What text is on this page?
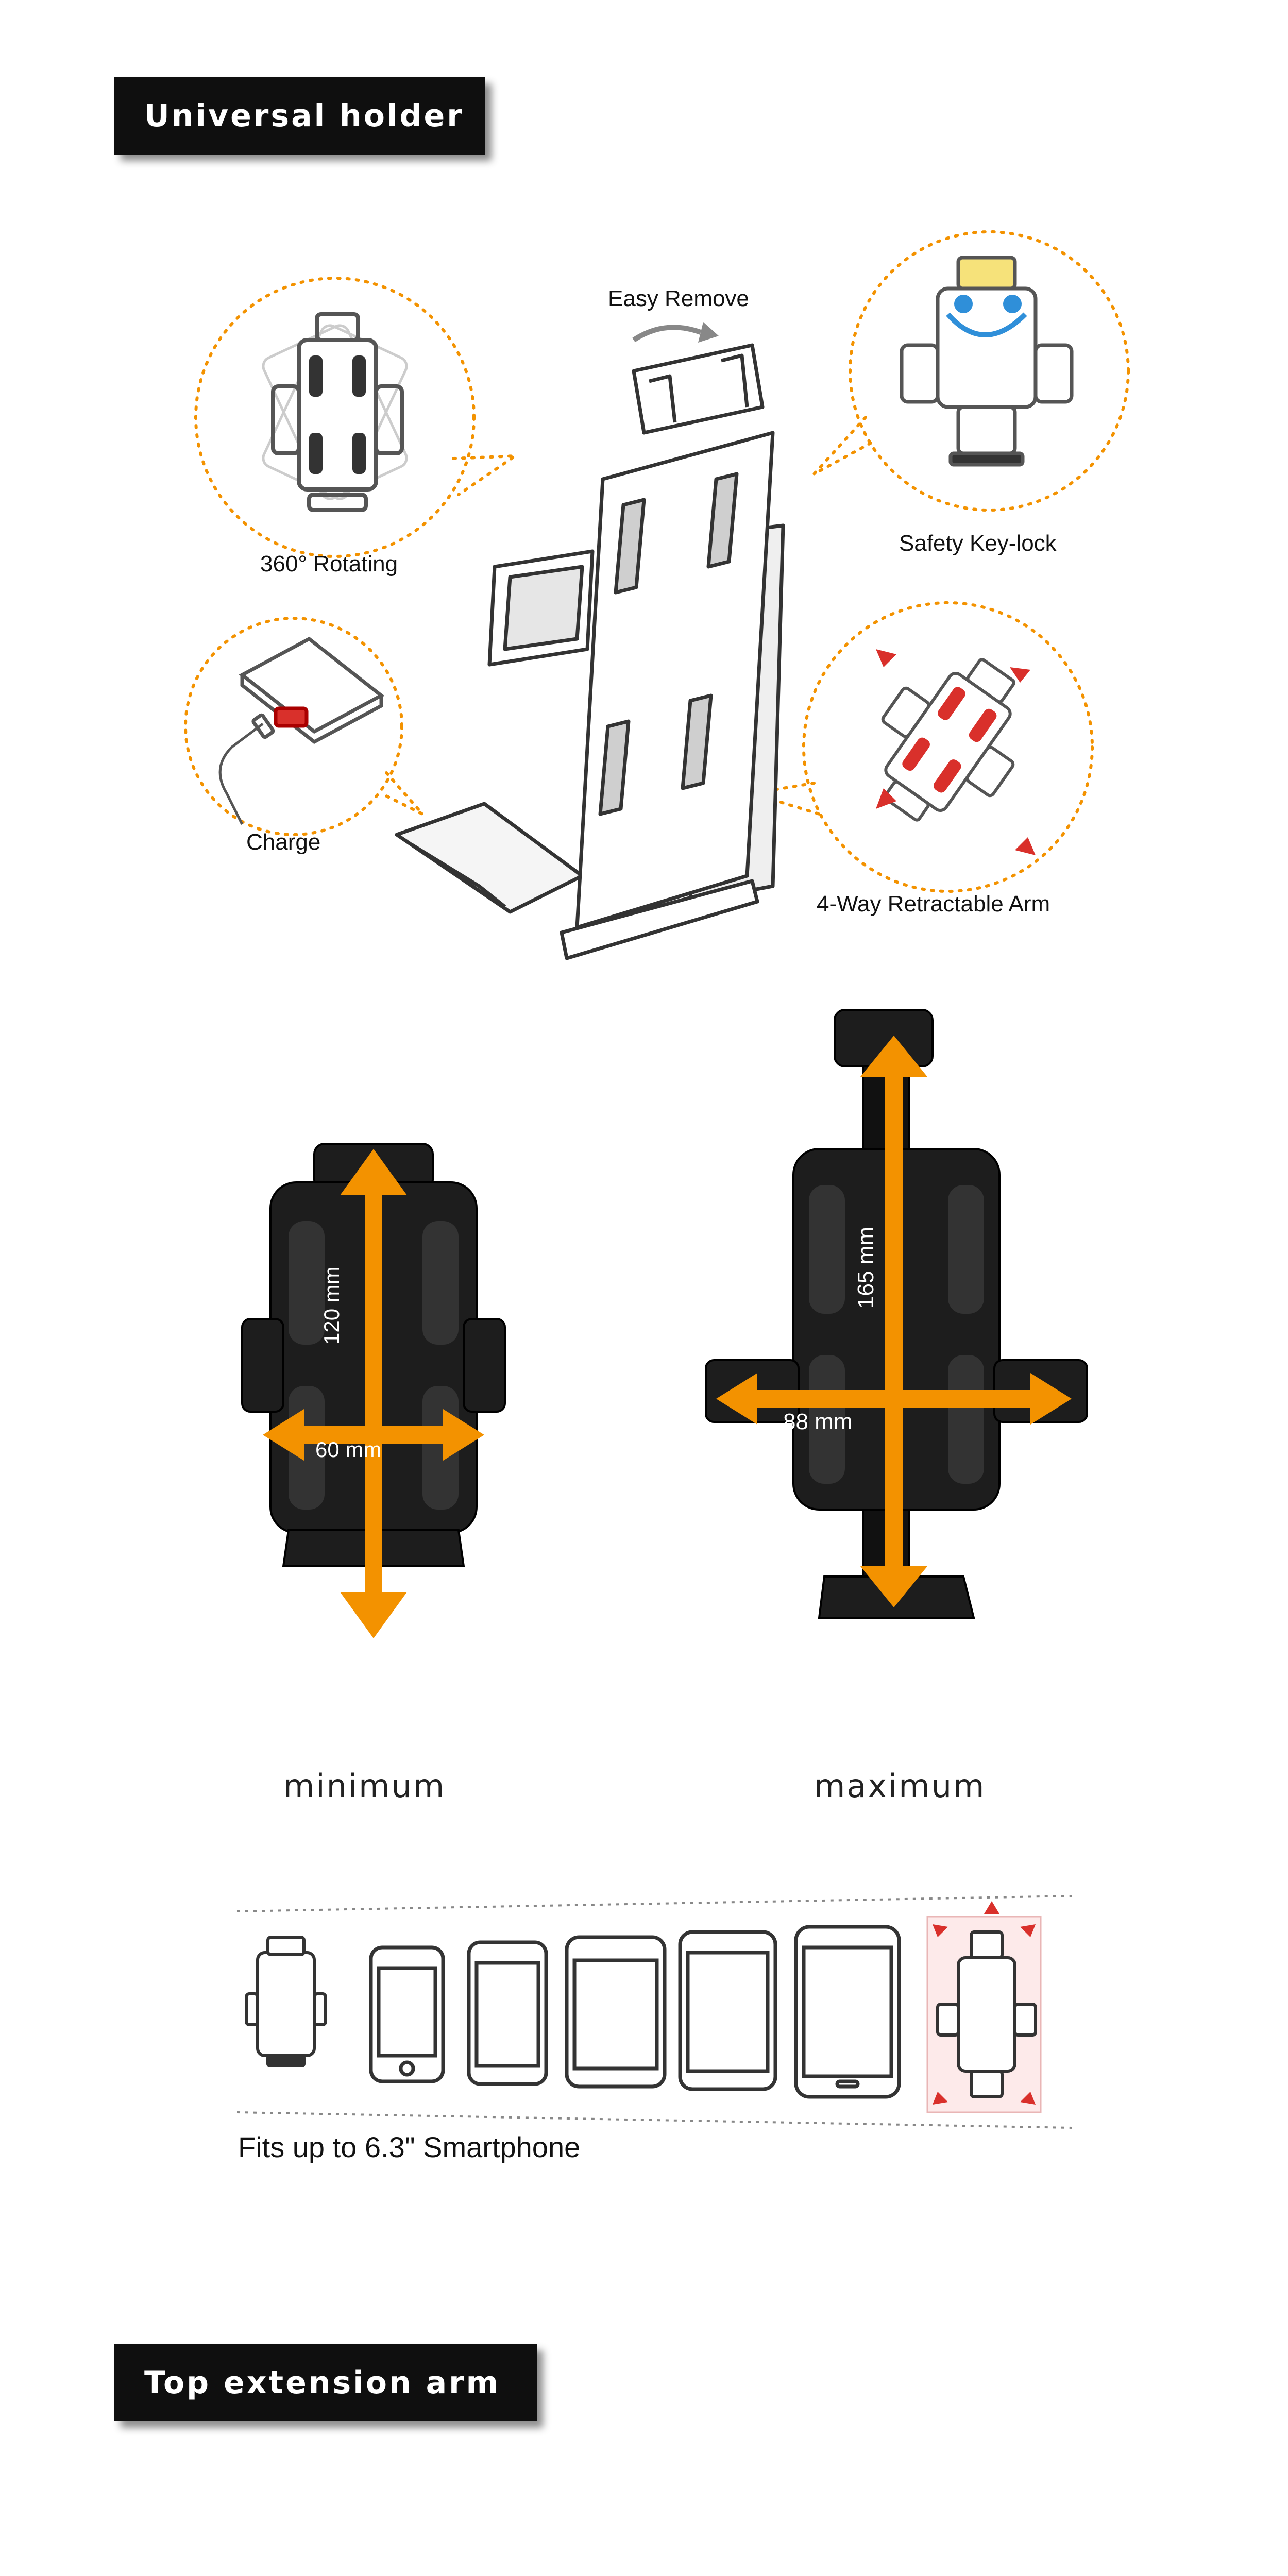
Universal holder
Easy Remove
360° Rotating
Safety Key-lock
Charge
4-Way Retractable Arm
120 mm
60 mm
165 mm
88 mm
minimum	maximum
Fits up to 6.3" Smartphone
Top extension arm
